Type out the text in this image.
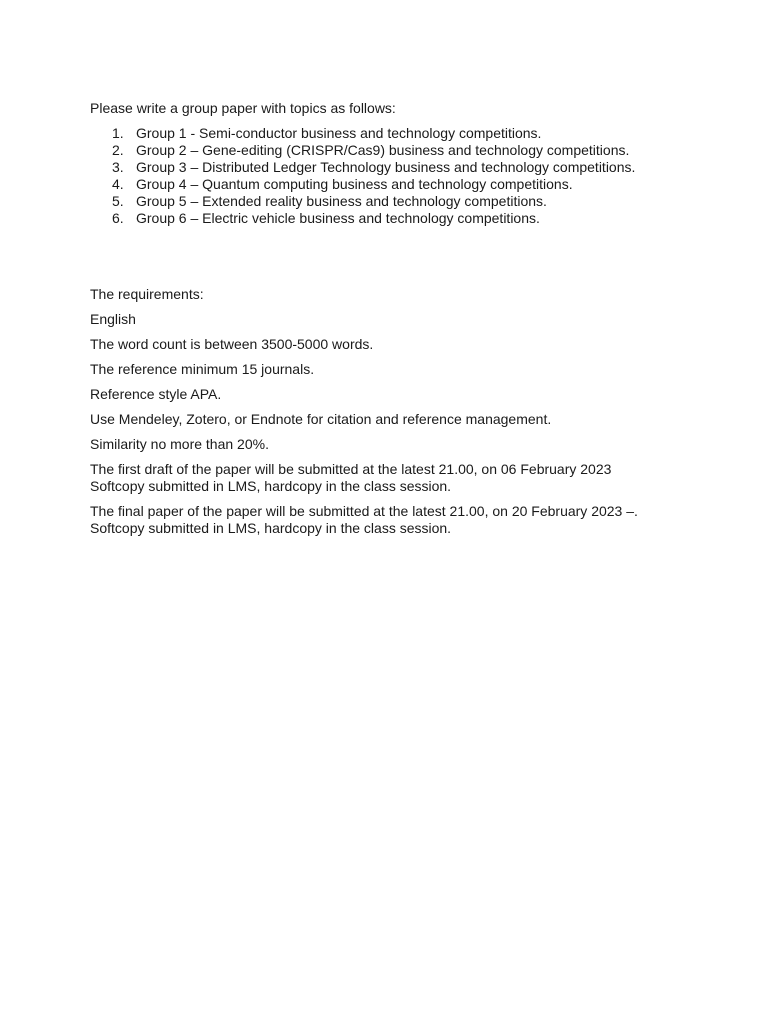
Please write a group paper with topics as follows:

1. Group 1 - Semi-conductor business and technology competitions.
2. Group 2 – Gene-editing (CRISPR/Cas9) business and technology competitions.
3. Group 3 – Distributed Ledger Technology business and technology competitions.
4. Group 4 – Quantum computing business and technology competitions.
5. Group 5 – Extended reality business and technology competitions.
6. Group 6 – Electric vehicle business and technology competitions.

The requirements:

English

The word count is between 3500-5000 words.

The reference minimum 15 journals.

Reference style APA.

Use Mendeley, Zotero, or Endnote for citation and reference management.

Similarity no more than 20%.

The first draft of the paper will be submitted at the latest 21.00, on 06 February 2023
Softcopy submitted in LMS, hardcopy in the class session.

The final paper of the paper will be submitted at the latest 21.00, on 20 February 2023 –.
Softcopy submitted in LMS, hardcopy in the class session.
